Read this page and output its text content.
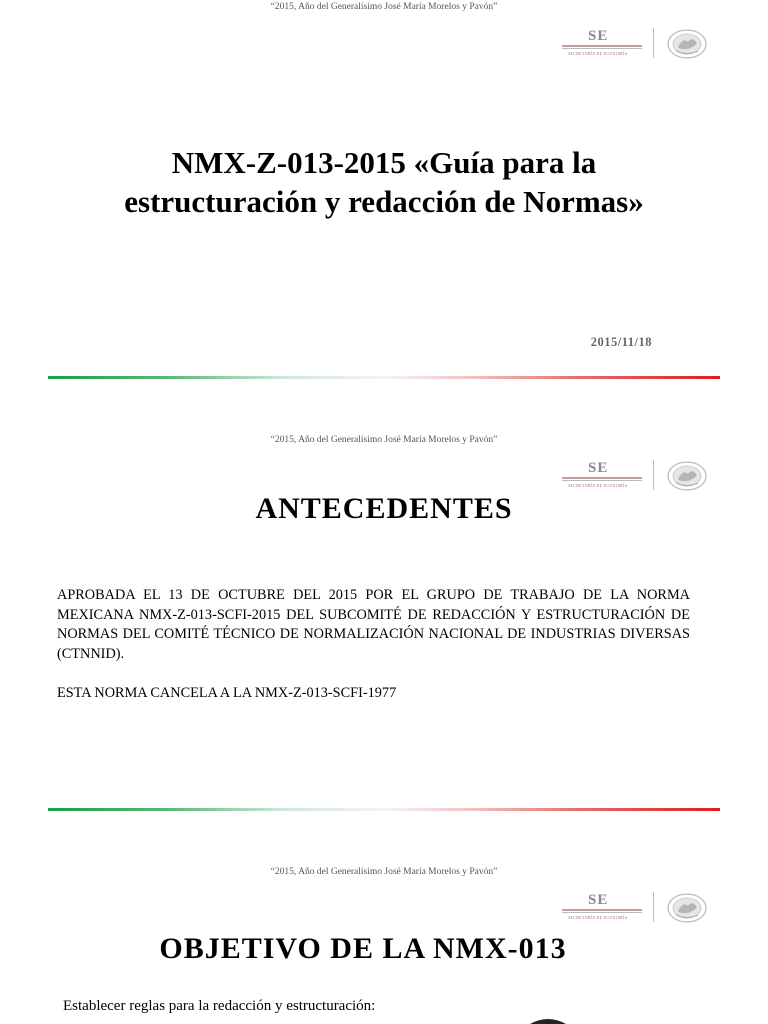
“2015, Año del Generalísimo José María Morelos y Pavón”
SE
SECRETARÍA DE ECONOMÍA
NMX-Z-013-2015 «Guía para la
estructuración y redacción de Normas»
2015/11/18
“2015, Año del Generalísimo José María Morelos y Pavón”
SE
SECRETARÍA DE ECONOMÍA
ANTECEDENTES

APROBADA EL 13 DE OCTUBRE DEL 2015 POR EL GRUPO DE TRABAJO DE LA NORMA MEXICANA NMX-Z-013-SCFI-2015 DEL SUBCOMITÉ DE REDACCIÓN Y ESTRUCTURACIÓN DE NORMAS DEL COMITÉ TÉCNICO DE NORMALIZACIÓN NACIONAL DE INDUSTRIAS DIVERSAS (CTNNID).

ESTA NORMA CANCELA A LA NMX-Z-013-SCFI-1977

“2015, Año del Generalísimo José María Morelos y Pavón”
SE
SECRETARÍA DE ECONOMÍA
OBJETIVO DE LA NMX-013

Establecer reglas para la redacción y estructuración:
